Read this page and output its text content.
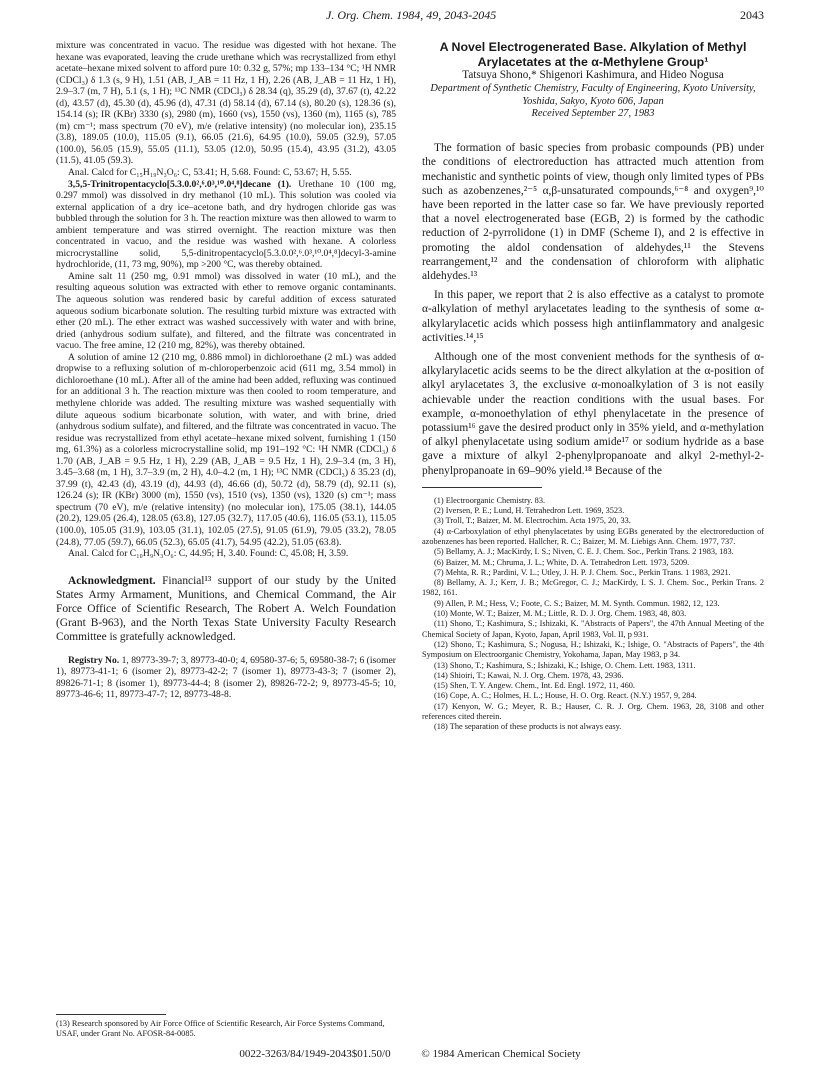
J. Org. Chem. 1984, 49, 2043-2045	2043

mixture was concentrated in vacuo. The residue was digested with hot hexane. The hexane was evaporated, leaving the crude urethane which was recrystallized from ethyl acetate–hexane mixed solvent to afford pure 10: 0.32 g, 57%; mp 133–134 °C; ¹H NMR (CDCl₃) δ 1.3 (s, 9 H), 1.51 (AB, J_AB = 11 Hz, 1 H), 2.26 (AB, J_AB = 11 Hz, 1 H), 2.9–3.7 (m, 7 H), 5.1 (s, 1 H); ¹³C NMR (CDCl₃) δ 28.34 (q), 35.29 (d), 37.67 (t), 42.22 (d), 43.57 (d), 45.30 (d), 45.96 (d), 47.31 (d) 58.14 (d), 67.14 (s), 80.20 (s), 128.36 (s), 154.14 (s); IR (KBr) 3330 (s), 2980 (m), 1660 (vs), 1550 (vs), 1360 (m), 1165 (s), 785 (m) cm⁻¹; mass spectrum (70 eV), m/e (relative intensity) (no molecular ion), 235.15 (3.8), 189.05 (10.0), 115.05 (9.1), 66.05 (21.6), 64.95 (10.0), 59.05 (32.9), 57.05 (100.0), 56.05 (15.9), 55.05 (11.1), 53.05 (12.0), 50.95 (15.4), 43.95 (31.2), 43.05 (11.5), 41.05 (59.3).

Anal. Calcd for C₁₅H₁₉N₃O₆: C, 53.41; H, 5.68. Found: C, 53.67; H, 5.55.

3,5,5-Trinitropentacyclo[5.3.0.0²,⁶.0³,¹⁰.0⁴,⁸]decane (1). Urethane 10 (100 mg, 0.297 mmol) was dissolved in dry methanol (10 mL). This solution was cooled via external application of a dry ice–acetone bath, and dry hydrogen chloride gas was bubbled through the solution for 3 h. The reaction mixture was then allowed to warm to ambient temperature and was stirred overnight. The reaction mixture was then concentrated in vacuo, and the residue was washed with hexane. A colorless microcrystalline solid, 5,5-dinitropentacyclo[5.3.0.0²,⁶.0³,¹⁰.0⁴,⁸]decyl-3-amine hydrochloride, (11, 73 mg, 90%), mp >200 °C, was thereby obtained.

Amine salt 11 (250 mg, 0.91 mmol) was dissolved in water (10 mL), and the resulting aqueous solution was extracted with ether to remove organic contaminants. The aqueous solution was rendered basic by careful addition of excess saturated aqueous sodium bicarbonate solution. The resulting turbid mixture was extracted with ether (20 mL). The ether extract was washed successively with water and with brine, dried (anhydrous sodium sulfate), and filtered, and the filtrate was concentrated in vacuo. The free amine, 12 (210 mg, 82%), was thereby obtained.

A solution of amine 12 (210 mg, 0.886 mmol) in dichloroethane (2 mL) was added dropwise to a refluxing solution of m-chloroperbenzoic acid (611 mg, 3.54 mmol) in dichloroethane (10 mL). After all of the amine had been added, refluxing was continued for an additional 3 h. The reaction mixture was then cooled to room temperature, and methylene chloride was added. The resulting mixture was washed sequentially with dilute aqueous sodium bicarbonate solution, with water, and with brine, dried (anhydrous sodium sulfate), and filtered, and the filtrate was concentrated in vacuo. The residue was recrystallized from ethyl acetate–hexane mixed solvent, furnishing 1 (150 mg, 61.3%) as a colorless microcrystalline solid, mp 191–192 °C: ¹H NMR (CDCl₃) δ 1.70 (AB, J_AB = 9.5 Hz, 1 H), 2.29 (AB, J_AB = 9.5 Hz, 1 H), 2.9–3.4 (m, 3 H), 3.45–3.68 (m, 1 H), 3.7–3.9 (m, 2 H), 4.0–4.2 (m, 1 H); ¹³C NMR (CDCl₃) δ 35.23 (d), 37.99 (t), 42.43 (d), 43.19 (d), 44.93 (d), 46.66 (d), 50.72 (d), 58.79 (d), 92.11 (s), 126.24 (s); IR (KBr) 3000 (m), 1550 (vs), 1510 (vs), 1350 (vs), 1320 (s) cm⁻¹; mass spectrum (70 eV), m/e (relative intensity) (no molecular ion), 175.05 (38.1), 144.05 (20.2), 129.05 (26.4), 128.05 (63.8), 127.05 (32.7), 117.05 (40.6), 116.05 (53.1), 115.05 (100.0), 105.05 (31.9), 103.05 (31.1), 102.05 (27.5), 91.05 (61.9), 79.05 (33.2), 78.05 (24.8), 77.05 (59.7), 66.05 (52.3), 65.05 (41.7), 54.95 (42.2), 51.05 (63.8).

Anal. Calcd for C₁₀H₉N₃O₆: C, 44.95; H, 3.40. Found: C, 45.08; H, 3.59.

Acknowledgment. Financial¹³ support of our study by the United States Army Armament, Munitions, and Chemical Command, the Air Force Office of Scientific Research, The Robert A. Welch Foundation (Grant B-963), and the North Texas State University Faculty Research Committee is gratefully acknowledged.

Registry No. 1, 89773-39-7; 3, 89773-40-0; 4, 69580-37-6; 5, 69580-38-7; 6 (isomer 1), 89773-41-1; 6 (isomer 2), 89773-42-2; 7 (isomer 1), 89773-43-3; 7 (isomer 2), 89826-71-1; 8 (isomer 1), 89773-44-4; 8 (isomer 2), 89826-72-2; 9, 89773-45-5; 10, 89773-46-6; 11, 89773-47-7; 12, 89773-48-8.

(13) Research sponsored by Air Force Office of Scientific Research, Air Force Systems Command, USAF, under Grant No. AFOSR-84-0085.

A Novel Electrogenerated Base. Alkylation of Methyl Arylacetates at the α-Methylene Group¹

Tatsuya Shono,* Shigenori Kashimura, and Hideo Nogusa

Department of Synthetic Chemistry, Faculty of Engineering, Kyoto University, Yoshida, Sakyo, Kyoto 606, Japan

Received September 27, 1983

The formation of basic species from probasic compounds (PB) under the conditions of electroreduction has attracted much attention from mechanistic and synthetic points of view, though only limited types of PBs such as azobenzenes,²⁻⁵ α,β-unsaturated compounds,⁶⁻⁸ and oxygen⁹,¹⁰ have been reported in the latter case so far. We have previously reported that a novel electrogenerated base (EGB, 2) is formed by the cathodic reduction of 2-pyrrolidone (1) in DMF (Scheme I), and 2 is effective in promoting the aldol condensation of aldehydes,¹¹ the Stevens rearrangement,¹² and the condensation of chloroform with aliphatic aldehydes.¹³

In this paper, we report that 2 is also effective as a catalyst to promote α-alkylation of methyl arylacetates leading to the synthesis of some α-alkylarylacetic acids which possess high antiinflammatory and analgesic activities.¹⁴,¹⁵

Although one of the most convenient methods for the synthesis of α-alkylarylacetic acids seems to be the direct alkylation at the α-position of alkyl arylacetates 3, the exclusive α-monoalkylation of 3 is not easily achievable under the reaction conditions with the usual bases. For example, α-monoethylation of ethyl phenylacetate in the presence of potassium¹⁶ gave the desired product only in 35% yield, and α-methylation of alkyl phenylacetate using sodium amide¹⁷ or sodium hydride as a base gave a mixture of alkyl 2-phenylpropanoate and alkyl 2-methyl-2-phenylpropanoate in 69–90% yield.¹⁸ Because of the

(1) Electroorganic Chemistry. 83.

(2) Iversen, P. E.; Lund, H. Tetrahedron Lett. 1969, 3523.

(3) Troll, T.; Baizer, M. M. Electrochim. Acta 1975, 20, 33.

(4) α-Carboxylation of ethyl phenylacetates by using EGBs generated by the electroreduction of azobenzenes has been reported. Hallcher, R. C.; Baizer, M. M. Liebigs Ann. Chem. 1977, 737.

(5) Bellamy, A. J.; MacKirdy, I. S.; Niven, C. E. J. Chem. Soc., Perkin Trans. 2 1983, 183.

(6) Baizer, M. M.; Chruma, J. L.; White, D. A. Tetrahedron Lett. 1973, 5209.

(7) Mehta, R. R.; Pardini, V. L.; Utley, J. H. P. J. Chem. Soc., Perkin Trans. 1 1983, 2921.

(8) Bellamy, A. J.; Kerr, J. B.; McGregor, C. J.; MacKirdy, I. S. J. Chem. Soc., Perkin Trans. 2 1982, 161.

(9) Allen, P. M.; Hess, V.; Foote, C. S.; Baizer, M. M. Synth. Commun. 1982, 12, 123.

(10) Monte, W. T.; Baizer, M. M.; Little, R. D. J. Org. Chem. 1983, 48, 803.

(11) Shono, T.; Kashimura, S.; Ishizaki, K. "Abstracts of Papers", the 47th Annual Meeting of the Chemical Society of Japan, Kyoto, Japan, April 1983, Vol. II, p 931.

(12) Shono, T.; Kashimura, S.; Nogusa, H.; Ishizaki, K.; Ishige, O. "Abstracts of Papers", the 4th Symposium on Electroorganic Chemistry, Yokohama, Japan, May 1983, p 34.

(13) Shono, T.; Kashimura, S.; Ishizaki, K.; Ishige, O. Chem. Lett. 1983, 1311.

(14) Shioiri, T.; Kawai, N. J. Org. Chem. 1978, 43, 2936.

(15) Shen, T. Y. Angew. Chem., Int. Ed. Engl. 1972, 11, 460.

(16) Cope, A. C.; Holmes, H. L.; House, H. O. Org. React. (N.Y.) 1957, 9, 284.

(17) Kenyon, W. G.; Meyer, R. B.; Hauser, C. R. J. Org. Chem. 1963, 28, 3108 and other references cited therein.

(18) The separation of these products is not always easy.

0022-3263/84/1949-2043$01.50/0	© 1984 American Chemical Society
